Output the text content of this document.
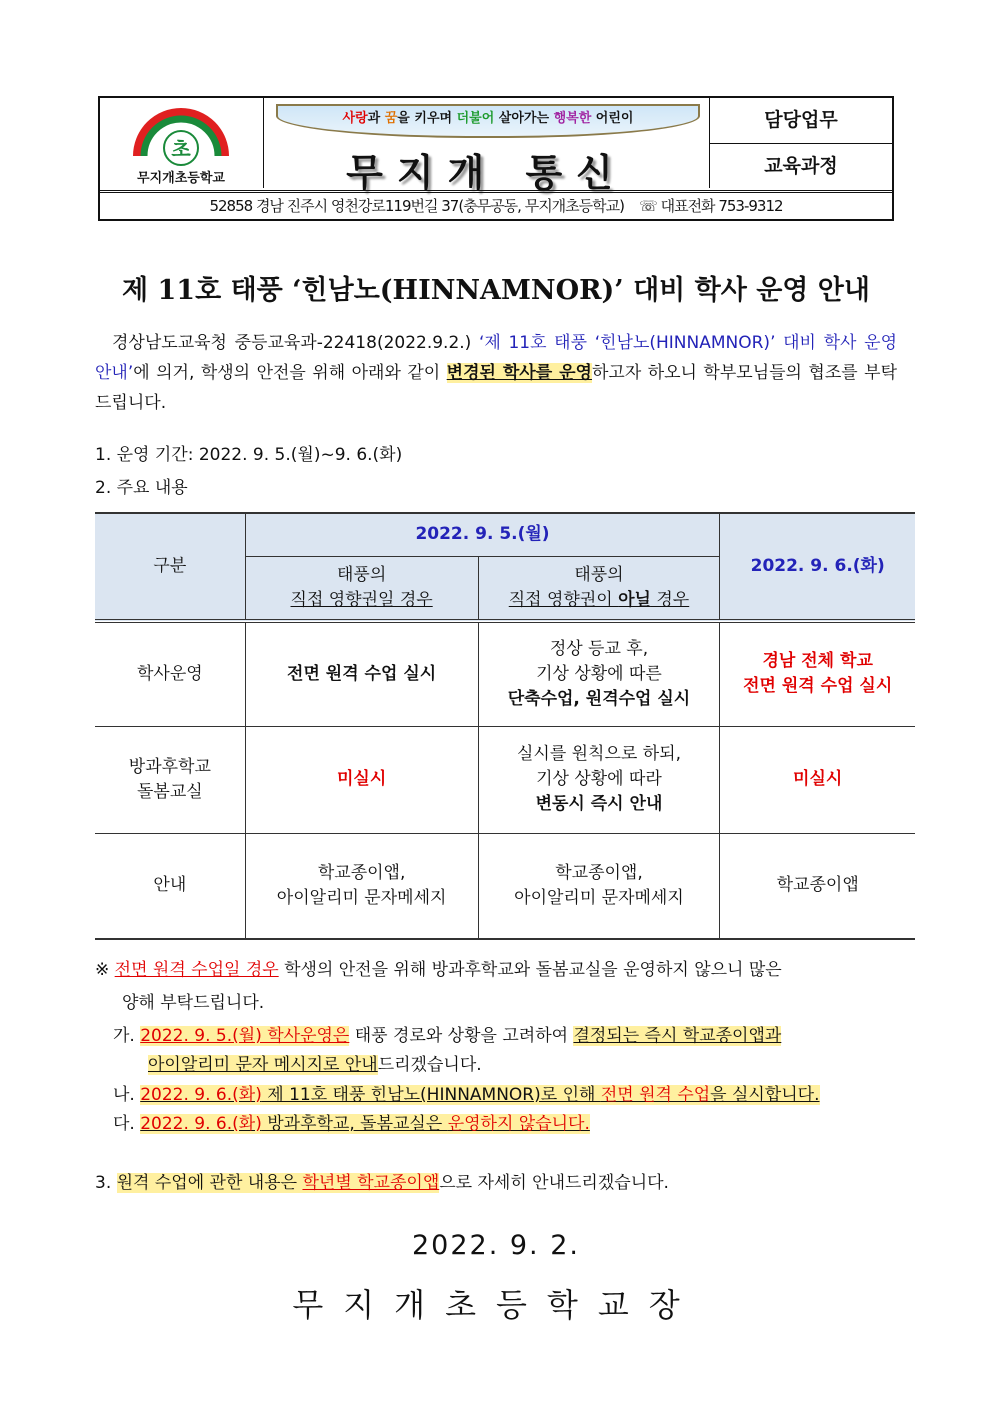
초
무지개초등학교
사랑과 꿈을 키우며 더불어 살아가는 행복한 어린이
무지개 통신
담당업무
교육과정
52858 경남 진주시 영천강로119번길 37(충무공동, 무지개초등학교) ☏ 대표전화 753-9312
제 11호 태풍 ‘힌남노(HINNAMNOR)’ 대비 학사 운영 안내
경상남도교육청 중등교육과-22418(2022.9.2.) ‘제 11호 태풍 ‘힌남노(HINNAMNOR)’ 대비 학사 운영 안내’에 의거, 학생의 안전을 위해 아래와 같이 변경된 학사를 운영하고자 하오니 학부모님들의 협조를 부탁드립니다.
1. 운영 기간: 2022. 9. 5.(월)~9. 6.(화)
2. 주요 내용
구분	2022. 9. 5.(월)		2022. 9. 6.(화)
	태풍의
직접 영향권일 경우	태풍의
직접 영향권이 아닐 경우	
학사운영	전면 원격 수업 실시	정상 등교 후,
기상 상황에 따른
단축수업, 원격수업 실시	경남 전체 학교
전면 원격 수업 실시
방과후학교
돌봄교실	미실시	실시를 원칙으로 하되,
기상 상황에 따라
변동시 즉시 안내	미실시
안내	학교종이앱,
아이알리미 문자메세지	학교종이앱,
아이알리미 문자메세지	학교종이앱
※ 전면 원격 수업일 경우 학생의 안전을 위해 방과후학교와 돌봄교실을 운영하지 않으니 많은
양해 부탁드립니다.
가. 2022. 9. 5.(월) 학사운영은 태풍 경로와 상황을 고려하여 결정되는 즉시 학교종이앱과
아이알리미 문자 메시지로 안내드리겠습니다.
나. 2022. 9. 6.(화) 제 11호 태풍 힌남노(HINNAMNOR)로 인해 전면 원격 수업을 실시합니다.
다. 2022. 9. 6.(화) 방과후학교, 돌봄교실은 운영하지 않습니다.
3. 원격 수업에 관한 내용은 학년별 학교종이앱으로 자세히 안내드리겠습니다.
2022. 9. 2.
무지개초등학교장
